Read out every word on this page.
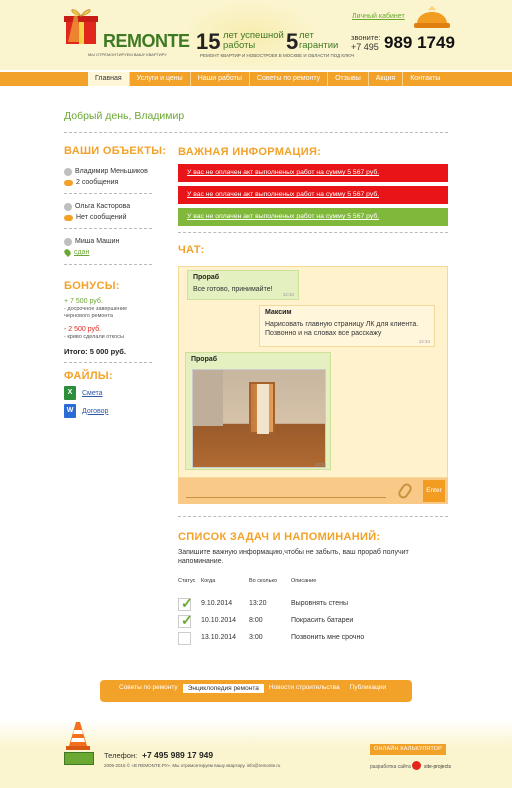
REMONTE
МЫ ОТРЕМОНТИРУЕМ ВАШУ КВАРТИРУ
15 лет успешной работы	5 лет гарантии
РЕМОНТ КВАРТИР И НОВОСТРОЕК В МОСКВЕ И ОБЛАСТИ ПОД КЛЮЧ
Личный кабинет
звоните:
+7 495 989 1749
Главная	Услуги и цены	Наши работы	Советы по ремонту	Отзывы	Акция	Контакты
Добрый день, Владимир
ВАШИ ОБЪЕКТЫ:
Владимир Меньшиков
2 сообщения
Ольга Касторова
Нет сообщений
Миша Машин
сдан
БОНУСЫ:
+ 7 500 руб.
- досрочное завершение чернового ремонта
- 2 500 руб.
- криво сделали откосы
Итого: 5 000 руб.
ФАЙЛЫ:
X	Смета
W	Договор
ВАЖНАЯ ИНФОРМАЦИЯ:
У вас не оплачен акт выполненых работ на сумму 5 567 руб.
У вас не оплачен акт выполненых работ на сумму 5 567 руб.
У вас не оплачен акт выполненых работ на сумму 5 567 руб.
ЧАТ:
Прораб
Все готово, принимайте!
12:34
Максим
Нарисовать главную страницу ЛК для клиента. Позвонно и на словах все расскажу
12:34
Прораб
12:34
Enter
СПИСОК ЗАДАЧ И НАПОМИНАНИЙ:
Запишите важную информацию,чтобы не забыть, ваш прораб получит напоминание.
Статус Когда	Во сколько	Описание
✓ 9.10.2014 13:20	Выровнять стены
✓ 10.10.2014 8:00	Покрасить батареи
13.10.2014 3:00	Позвонить мне срочно
Советы по ремонту	Энциклопедия ремонта	Новости строительства	Публикации
Телефон: +7 495 989 17 949
2006-2015 © «В REMONTE.РУ». Мы отремонтируем вашу квартиру. info@remonte.ru
ОНЛАЙН КАЛЬКУЛЯТОР
разработка сайта	site-projects
